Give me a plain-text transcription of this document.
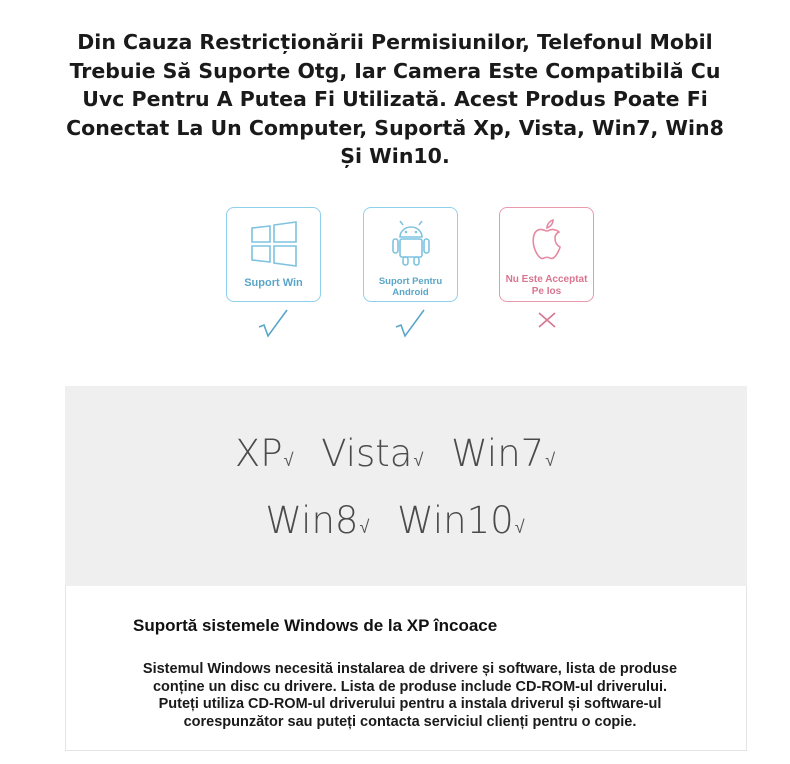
Din Cauza Restricționării Permisiunilor, Telefonul Mobil
Trebuie Să Suporte Otg, Iar Camera Este Compatibilă Cu
Uvc Pentru A Putea Fi Utilizată. Acest Produs Poate Fi
Conectat La Un Computer, Suportă Xp, Vista, Win7, Win8
Și Win10.
Suport Win	Suport Pentru
Android
Nu Este Acceptat
Pe Ios
XP√ Vista√ Win7√
Win8√ Win10√
Suportă sistemele Windows de la XP încoace
Sistemul Windows necesită instalarea de drivere și software, lista de produse
conține un disc cu drivere. Lista de produse include CD-ROM-ul driverului.
Puteți utiliza CD-ROM-ul driverului pentru a instala driverul și software-ul
corespunzător sau puteți contacta serviciul clienți pentru o copie.
